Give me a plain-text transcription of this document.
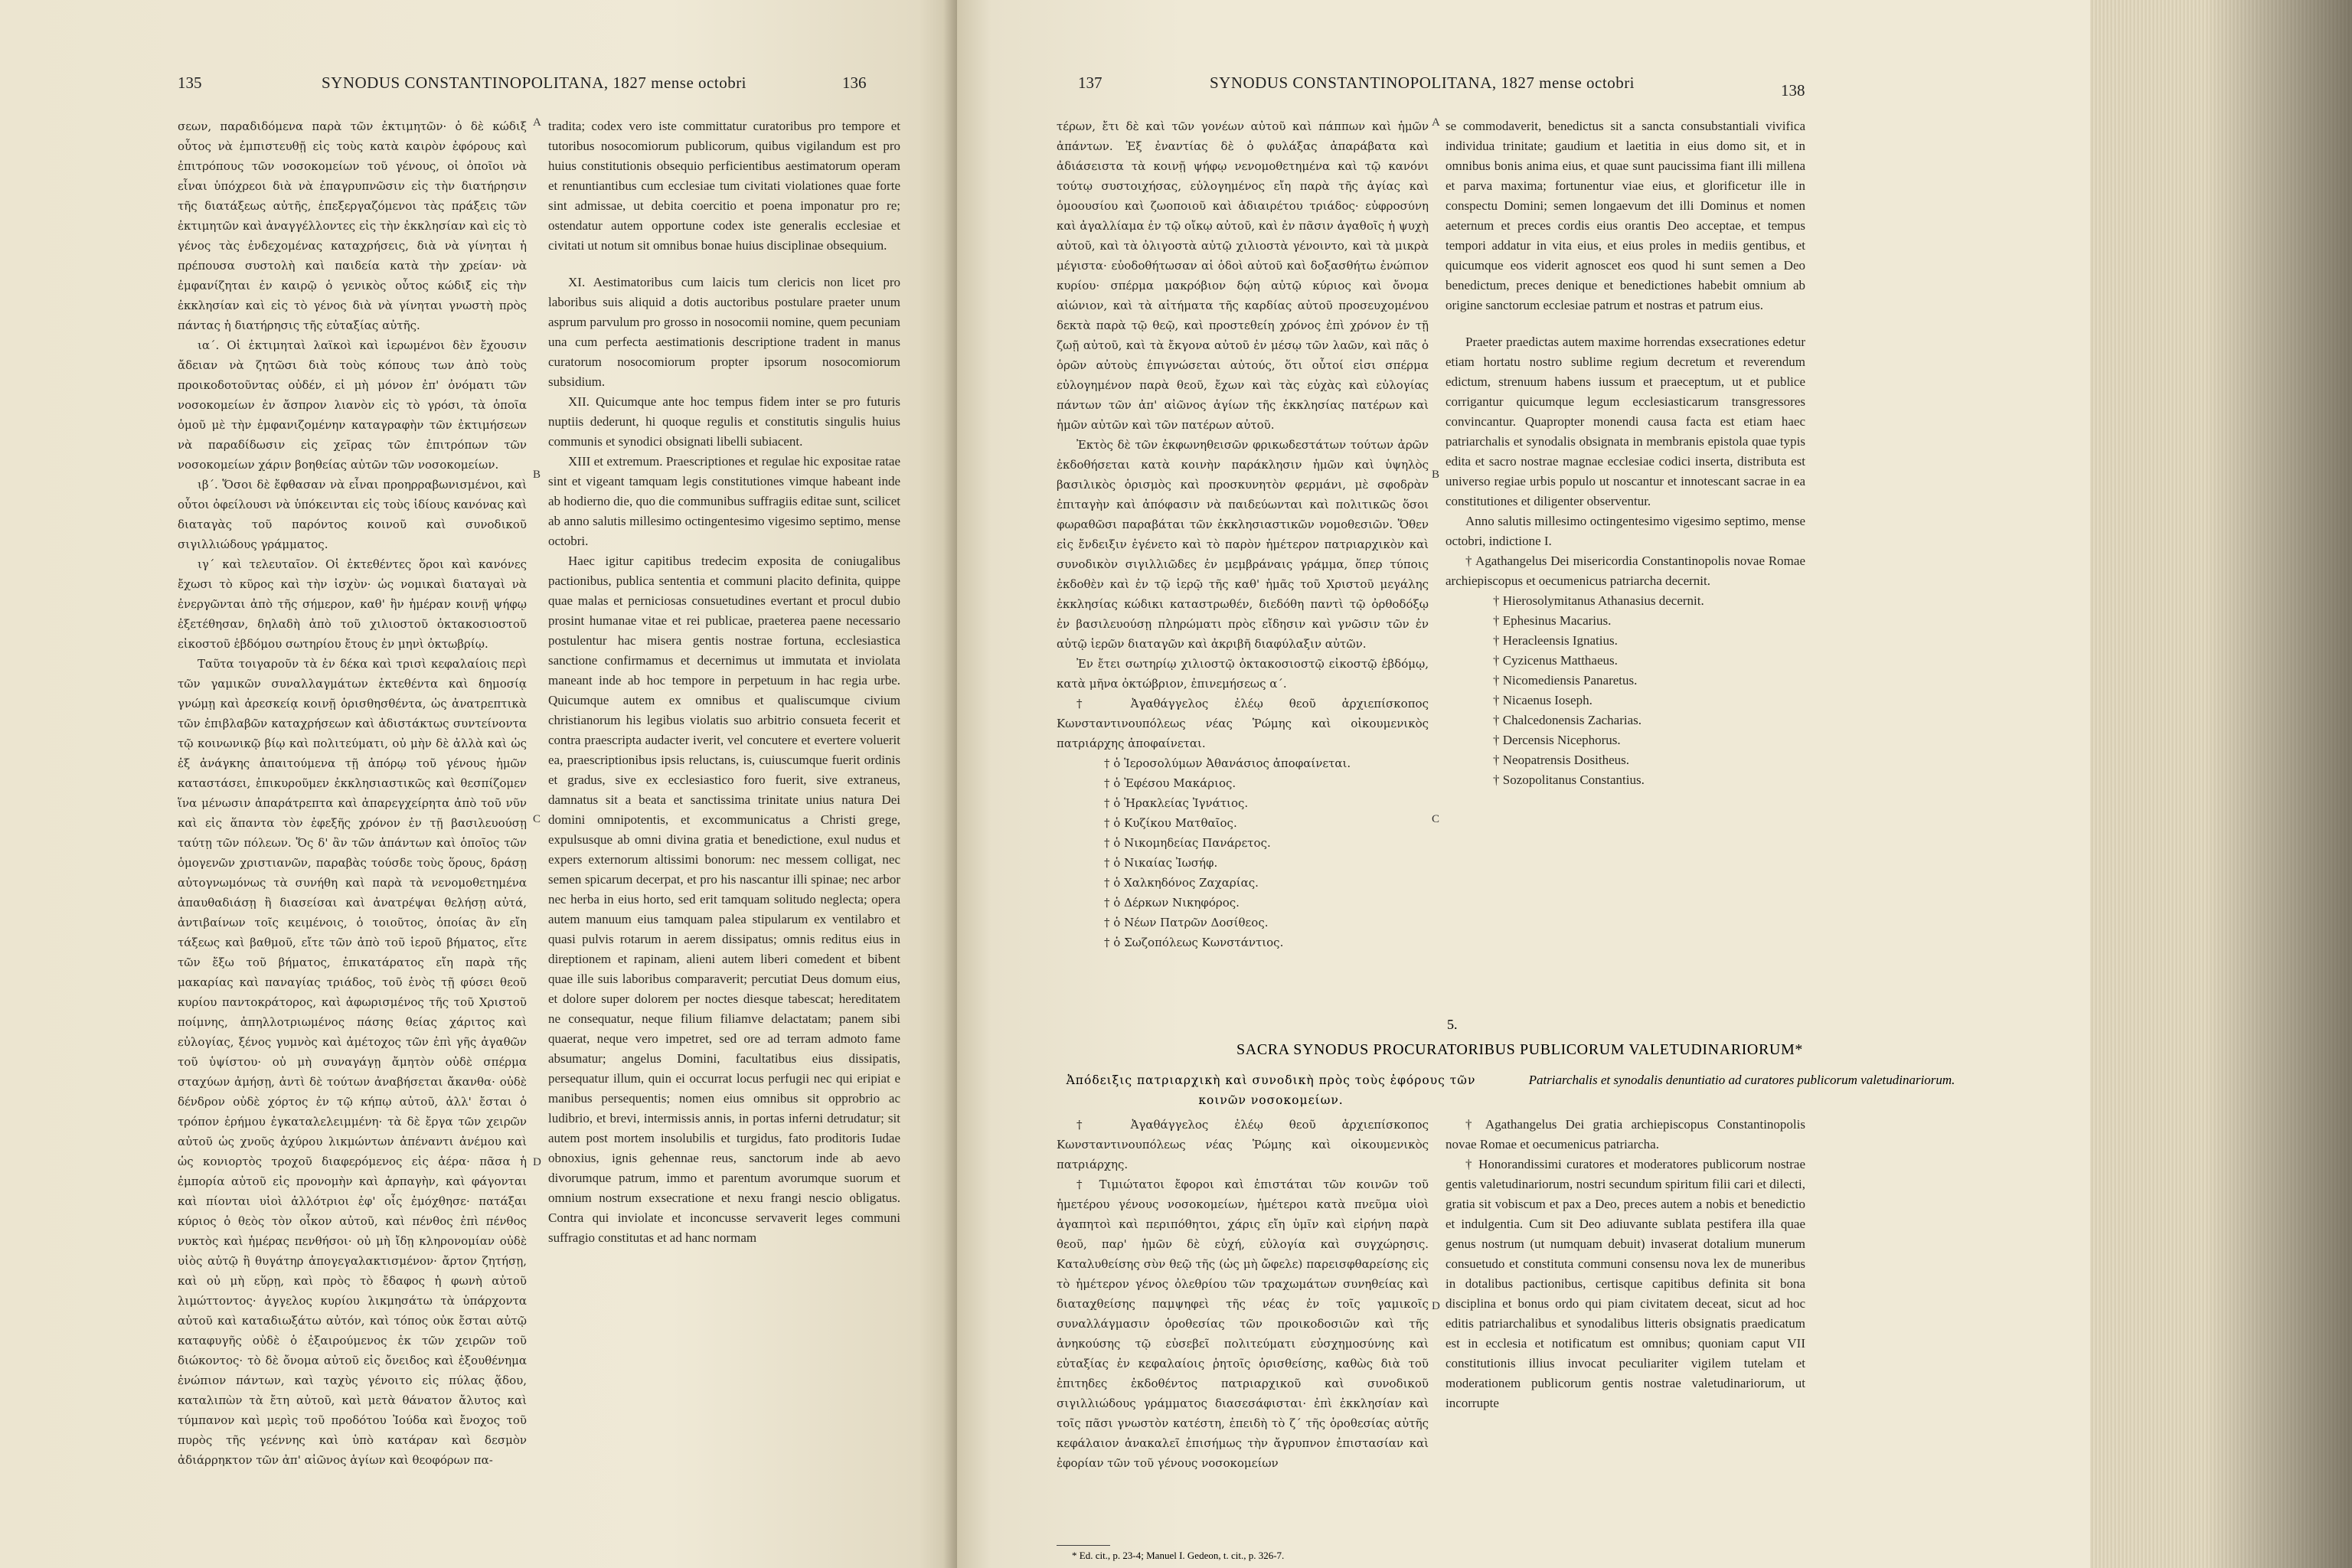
135	SYNODUS CONSTANTINOPOLITANA, 1827 mense octobri	136

σεων, παραδιδόμενα παρὰ τῶν ἐκτιμητῶν· ὁ δὲ κώδιξ οὗτος νὰ ἐμπιστευθῇ εἰς τοὺς κατὰ καιρὸν ἐφόρους καὶ ἐπιτρόπους τῶν νοσοκομείων τοῦ γένους, οἱ ὁποῖοι νὰ εἶναι ὑπόχρεοι διὰ νὰ ἐπαγρυπνῶσιν εἰς τὴν διατήρησιν τῆς διατάξεως αὐτῆς, ἐπεξεργαζόμενοι τὰς πράξεις τῶν ἐκτιμητῶν καὶ ἀναγγέλλοντες εἰς τὴν ἐκκλησίαν καὶ εἰς τὸ γένος τὰς ἐνδεχομένας καταχρήσεις, διὰ νὰ γίνηται ἡ πρέπουσα συστολὴ καὶ παιδεία κατὰ τὴν χρείαν· νὰ ἐμφανίζηται ἐν καιρῷ ὁ γενικὸς οὗτος κώδιξ εἰς τὴν ἐκκλησίαν καὶ εἰς τὸ γένος διὰ νὰ γίνηται γνωστὴ πρὸς πάντας ἡ διατήρησις τῆς εὐταξίας αὐτῆς.

ια΄. Οἱ ἐκτιμηταὶ λαϊκοὶ καὶ ἱερωμένοι δὲν ἔχουσιν ἄδειαν νὰ ζητῶσι διὰ τοὺς κόπους των ἀπὸ τοὺς προικοδοτοῦντας οὐδέν, εἰ μὴ μόνον ἐπ' ὀνόματι τῶν νοσοκομείων ἐν ἄσπρον λιανὸν εἰς τὸ γρόσι, τὰ ὁποῖα ὁμοῦ μὲ τὴν ἐμφανιζομένην καταγραφὴν τῶν ἐκτιμήσεων νὰ παραδίδωσιν εἰς χεῖρας τῶν ἐπιτρόπων τῶν νοσοκομείων χάριν βοηθείας αὐτῶν τῶν νοσοκομείων.

ιβ΄. Ὅσοι δὲ ἔφθασαν νὰ εἶναι προηρραβωνισμένοι, καὶ οὗτοι ὀφείλουσι νὰ ὑπόκεινται εἰς τοὺς ἰδίους κανόνας καὶ διαταγὰς τοῦ παρόντος κοινοῦ καὶ συνοδικοῦ σιγιλλιώδους γράμματος.

ιγ΄ καὶ τελευταῖον. Οἱ ἐκτεθέντες ὅροι καὶ κανόνες ἔχωσι τὸ κῦρος καὶ τὴν ἰσχὺν· ὡς νομικαὶ διαταγαὶ νὰ ἐνεργῶνται ἀπὸ τῆς σήμερον, καθ' ἣν ἡμέραν κοινῇ ψήφῳ ἐξετέθησαν, δηλαδὴ ἀπὸ τοῦ χιλιοστοῦ ὀκτακοσιοστοῦ εἰκοστοῦ ἑβδόμου σωτηρίου ἔτους ἐν μηνὶ ὀκτωβρίῳ.

Ταῦτα τοιγαροῦν τὰ ἐν δέκα καὶ τρισὶ κεφαλαίοις περὶ τῶν γαμικῶν συναλλαγμάτων ἐκτεθέντα καὶ δημοσίᾳ γνώμῃ καὶ ἀρεσκείᾳ κοινῇ ὁρισθησθέντα, ὡς ἀνατρεπτικὰ τῶν ἐπιβλαβῶν καταχρήσεων καὶ ἀδιστάκτως συντείνοντα τῷ κοινωνικῷ βίῳ καὶ πολιτεύματι, οὐ μὴν δὲ ἀλλὰ καὶ ὡς ἐξ ἀνάγκης ἀπαιτούμενα τῇ ἀπόρῳ τοῦ γένους ἡμῶν καταστάσει, ἐπικυροῦμεν ἐκκλησιαστικῶς καὶ θεσπίζομεν ἵνα μένωσιν ἀπαράτρεπτα καὶ ἀπαρεγχείρητα ἀπὸ τοῦ νῦν καὶ εἰς ἅπαντα τὸν ἐφεξῆς χρόνον ἐν τῇ βασιλευούσῃ ταύτῃ τῶν πόλεων. Ὅς δ' ἂν τῶν ἁπάντων καὶ ὁποῖος τῶν ὁμογενῶν χριστιανῶν, παραβὰς τούσδε τοὺς ὅρους, δράσῃ αὐτογνωμόνως τὰ συνήθη καὶ παρὰ τὰ νενομοθετημένα ἀπαυθαδιάσῃ ἢ διασείσαι καὶ ἀνατρέψαι θελήσῃ αὐτά, ἀντιβαίνων τοῖς κειμένοις, ὁ τοιοῦτος, ὁποίας ἂν εἴη τάξεως καὶ βαθμοῦ, εἴτε τῶν ἀπὸ τοῦ ἱεροῦ βήματος, εἴτε τῶν ἔξω τοῦ βήματος, ἐπικατάρατος εἴη παρὰ τῆς μακαρίας καὶ παναγίας τριάδος, τοῦ ἑνὸς τῇ φύσει θεοῦ κυρίου παντοκράτορος, καὶ ἀφωρισμένος τῆς τοῦ Χριστοῦ ποίμνης, ἀπηλλοτριωμένος πάσης θείας χάριτος καὶ εὐλογίας, ξένος γυμνὸς καὶ ἀμέτοχος τῶν ἐπὶ γῆς ἀγαθῶν τοῦ ὑψίστου· οὐ μὴ συναγάγῃ ἄμητὸν οὐδὲ σπέρμα σταχύων ἀμήσῃ, ἀντὶ δὲ τούτων ἀναβήσεται ἄκανθα· οὐδὲ δένδρον οὐδὲ χόρτος ἐν τῷ κήπῳ αὐτοῦ, ἀλλ' ἔσται ὁ τρόπον ἐρήμου ἐγκαταλελειμμένη· τὰ δὲ ἔργα τῶν χειρῶν αὐτοῦ ὡς χνοῦς ἀχύρου λικμώντων ἀπέναντι ἀνέμου καὶ ὡς κονιορτὸς τροχοῦ διαφερόμενος εἰς ἀέρα· πᾶσα ἡ ἐμπορία αὐτοῦ εἰς προνομὴν καὶ ἁρπαγὴν, καὶ φάγονται καὶ πίονται υἱοὶ ἀλλότριοι ἐφ' οἷς ἐμόχθησε· πατάξαι κύριος ὁ θεὸς τὸν οἶκον αὐτοῦ, καὶ πένθος ἐπὶ πένθος νυκτὸς καὶ ἡμέρας πενθήσοι· οὐ μὴ ἴδῃ κληρονομίαν οὐδὲ υἱὸς αὐτῷ ἢ θυγάτηρ ἀπογεγαλακτισμένον· ἄρτον ζητήσῃ, καὶ οὐ μὴ εὕρῃ, καὶ πρὸς τὸ ἔδαφος ἡ φωνὴ αὐτοῦ λιμώττοντος· ἀγγελος κυρίου λικμησάτω τὰ ὑπάρχοντα αὐτοῦ καὶ καταδιωξάτω αὐτόν, καὶ τόπος οὐκ ἔσται αὐτῷ καταφυγῆς οὐδὲ ὁ ἐξαιρούμενος ἐκ τῶν χειρῶν τοῦ διώκοντος· τὸ δὲ ὄνομα αὐτοῦ εἰς ὄνειδος καὶ ἐξουθένημα ἐνώπιον πάντων, καὶ ταχὺς γένοιτο εἰς πύλας ᾅδου, καταλιπὼν τὰ ἔτη αὐτοῦ, καὶ μετὰ θάνατον ἄλυτος καὶ τύμπανον καὶ μερὶς τοῦ προδότου Ἰούδα καὶ ἔνοχος τοῦ πυρὸς τῆς γεέννης καὶ ὑπὸ κατάραν καὶ δεσμὸν ἀδιάρρηκτον τῶν ἀπ' αἰῶνος ἁγίων καὶ θεοφόρων πα-

A
B
C
D

tradita; codex vero iste committatur curatoribus pro tempore et tutoribus nosocomiorum publicorum, quibus vigilandum est pro huius constitutionis obsequio perficientibus aestimatorum operam et renuntiantibus cum ecclesiae tum civitati violationes quae forte sint admissae, ut debita coercitio et poena imponatur pro re; ostendatur autem opportune codex iste generalis ecclesiae et civitati ut notum sit omnibus bonae huius disciplinae obsequium.

XI. Aestimatoribus cum laicis tum clericis non licet pro laboribus suis aliquid a dotis auctoribus postulare praeter unum asprum parvulum pro grosso in nosocomii nomine, quem pecuniam una cum perfecta aestimationis descriptione tradent in manus curatorum nosocomiorum propter ipsorum nosocomiorum subsidium.

XII. Quicumque ante hoc tempus fidem inter se pro futuris nuptiis dederunt, hi quoque regulis et constitutis singulis huius communis et synodici obsignati libelli subiacent.

XIII et extremum. Praescriptiones et regulae hic expositae ratae sint et vigeant tamquam legis constitutiones vimque habeant inde ab hodierno die, quo die communibus suffragiis editae sunt, scilicet ab anno salutis millesimo octingentesimo vigesimo septimo, mense octobri.

Haec igitur capitibus tredecim exposita de coniugalibus pactionibus, publica sententia et communi placito definita, quippe quae malas et perniciosas consuetudines evertant et procul dubio prosint humanae vitae et rei publicae, praeterea paene necessario postulentur hac misera gentis nostrae fortuna, ecclesiastica sanctione confirmamus et decernimus ut immutata et inviolata maneant inde ab hoc tempore in perpetuum in hac regia urbe. Quicumque autem ex omnibus et qualiscumque civium christianorum his legibus violatis suo arbitrio consueta fecerit et contra praescripta audacter iverit, vel concutere et evertere voluerit ea, praescriptionibus ipsis reluctans, is, cuiuscumque fuerit ordinis et gradus, sive ex ecclesiastico foro fuerit, sive extraneus, damnatus sit a beata et sanctissima trinitate unius natura Dei domini omnipotentis, et excommunicatus a Christi grege, expulsusque ab omni divina gratia et benedictione, exul nudus et expers externorum altissimi bonorum: nec messem colligat, nec semen spicarum decerpat, et pro his nascantur illi spinae; nec arbor nec herba in eius horto, sed erit tamquam solitudo neglecta; opera autem manuum eius tamquam palea stipularum ex ventilabro et quasi pulvis rotarum in aerem dissipatus; omnis reditus eius in direptionem et rapinam, alieni autem liberi comedent et bibent quae ille suis laboribus comparaverit; percutiat Deus domum eius, et dolore super dolorem per noctes diesque tabescat; hereditatem ne consequatur, neque filium filiamve delactatam; panem sibi quaerat, neque vero impetret, sed ore ad terram admoto fame absumatur; angelus Domini, facultatibus eius dissipatis, persequatur illum, quin ei occurrat locus perfugii nec qui eripiat e manibus persequentis; nomen eius omnibus sit opprobrio ac ludibrio, et brevi, intermissis annis, in portas inferni detrudatur; sit autem post mortem insolubilis et turgidus, fato proditoris Iudae obnoxius, ignis gehennae reus, sanctorum inde ab aevo divorumque patrum, immo et parentum avorumque suorum et omnium nostrum exsecratione et nexu frangi nescio obligatus. Contra qui inviolate et inconcusse servaverit leges communi suffragio constitutas et ad hanc normam

137	SYNODUS CONSTANTINOPOLITANA, 1827 mense octobri	138

τέρων, ἔτι δὲ καὶ τῶν γονέων αὐτοῦ καὶ πάππων καὶ ἡμῶν ἁπάντων. Ἐξ ἐναντίας δὲ ὁ φυλάξας ἀπαράβατα καὶ ἀδιάσειστα τὰ κοινῇ ψήφῳ νενομοθετημένα καὶ τῷ κανόνι τούτῳ συστοιχήσας, εὐλογημένος εἴη παρὰ τῆς ἁγίας καὶ ὁμοουσίου καὶ ζωοποιοῦ καὶ ἀδιαιρέτου τριάδος· εὐφροσύνη καὶ ἀγαλλίαμα ἐν τῷ οἴκῳ αὐτοῦ, καὶ ἐν πᾶσιν ἀγαθοῖς ἡ ψυχὴ αὐτοῦ, καὶ τὰ ὀλιγοστὰ αὐτῷ χιλιοστὰ γένοιντο, καὶ τὰ μικρὰ μέγιστα· εὐοδοθήτωσαν αἱ ὁδοὶ αὐτοῦ καὶ δοξασθήτω ἐνώπιον κυρίου· σπέρμα μακρόβιον δῴη αὐτῷ κύριος καὶ ὄνομα αἰώνιον, καὶ τὰ αἰτήματα τῆς καρδίας αὐτοῦ προσευχομένου δεκτὰ παρὰ τῷ θεῷ, καὶ προστεθείη χρόνος ἐπὶ χρόνον ἐν τῇ ζωῇ αὐτοῦ, καὶ τὰ ἔκγονα αὐτοῦ ἐν μέσῳ τῶν λαῶν, καὶ πᾶς ὁ ὁρῶν αὐτοὺς ἐπιγνώσεται αὐτούς, ὅτι οὗτοί εἰσι σπέρμα εὐλογημένον παρὰ θεοῦ, ἔχων καὶ τὰς εὐχὰς καὶ εὐλογίας πάντων τῶν ἀπ' αἰῶνος ἁγίων τῆς ἐκκλησίας πατέρων καὶ ἡμῶν αὐτῶν καὶ τῶν πατέρων αὐτοῦ.

Ἐκτὸς δὲ τῶν ἐκφωνηθεισῶν φρικωδεστάτων τούτων ἀρῶν ἐκδοθήσεται κατὰ κοινὴν παράκλησιν ἡμῶν καὶ ὑψηλὸς βασιλικὸς ὁρισμὸς καὶ προσκυνητὸν φερμάνι, μὲ σφοδρὰν ἐπιταγὴν καὶ ἀπόφασιν νὰ παιδεύωνται καὶ πολιτικῶς ὅσοι φωραθῶσι παραβάται τῶν ἐκκλησιαστικῶν νομοθεσιῶν. Ὅθεν εἰς ἔνδειξιν ἐγένετο καὶ τὸ παρὸν ἡμέτερον πατριαρχικὸν καὶ συνοδικὸν σιγιλλιῶδες ἐν μεμβράναις γράμμα, ὅπερ τύποις ἐκδοθὲν καὶ ἐν τῷ ἱερῷ τῆς καθ' ἡμᾶς τοῦ Χριστοῦ μεγάλης ἐκκλησίας κώδικι καταστρωθέν, διεδόθη παντὶ τῷ ὀρθοδόξῳ ἐν βασιλευούσῃ πληρώματι πρὸς εἴδησιν καὶ γνῶσιν τῶν ἐν αὐτῷ ἱερῶν διαταγῶν καὶ ἀκριβῆ διαφύλαξιν αὐτῶν.

Ἐν ἔτει σωτηρίῳ χιλιοστῷ ὀκτακοσιοστῷ εἰκοστῷ ἑβδόμῳ, κατὰ μῆνα ὀκτώβριον, ἐπινεμήσεως α΄.

† Ἀγαθάγγελος ἐλέῳ θεοῦ ἀρχιεπίσκοπος Κωνσταντινουπόλεως νέας Ῥώμης καὶ οἰκουμενικὸς πατριάρχης ἀποφαίνεται.

† ὁ Ἱεροσολύμων Ἀθανάσιος ἀποφαίνεται.

† ὁ Ἐφέσου Μακάριος.

† ὁ Ἡρακλείας Ἰγνάτιος.

† ὁ Κυζίκου Ματθαῖος.

† ὁ Νικομηδείας Πανάρετος.

† ὁ Νικαίας Ἰωσήφ.

† ὁ Χαλκηδόνος Ζαχαρίας.

† ὁ Δέρκων Νικηφόρος.

† ὁ Νέων Πατρῶν Δοσίθεος.

† ὁ Σωζοπόλεως Κωνστάντιος.

A
B
C
D

se commodaverit, benedictus sit a sancta consubstantiali vivifica individua trinitate; gaudium et laetitia in eius domo sit, et in omnibus bonis anima eius, et quae sunt paucissima fiant illi millena et parva maxima; fortunentur viae eius, et glorificetur ille in conspectu Domini; semen longaevum det illi Dominus et nomen aeternum et preces cordis eius orantis Deo acceptae, et tempus tempori addatur in vita eius, et eius proles in mediis gentibus, et quicumque eos viderit agnoscet eos quod hi sunt semen a Deo benedictum, preces denique et benedictiones habebit omnium ab origine sanctorum ecclesiae patrum et nostras et patrum eius.

Praeter praedictas autem maxime horrendas exsecrationes edetur etiam hortatu nostro sublime regium decretum et reverendum edictum, strenuum habens iussum et praeceptum, ut et publice corrigantur quicumque legum ecclesiasticarum transgressores convincantur. Quapropter monendi causa facta est etiam haec patriarchalis et synodalis obsignata in membranis epistola quae typis edita et sacro nostrae magnae ecclesiae codici inserta, distributa est universo regiae urbis populo ut noscantur et innotescant sacrae in ea constitutiones et diligenter observentur.

Anno salutis millesimo octingentesimo vigesimo septimo, mense octobri, indictione I.

† Agathangelus Dei misericordia Constantinopolis novae Romae archiepiscopus et oecumenicus patriarcha decernit.

† Hierosolymitanus Athanasius decernit.

† Ephesinus Macarius.

† Heracleensis Ignatius.

† Cyzicenus Matthaeus.

† Nicomediensis Panaretus.

† Nicaenus Ioseph.

† Chalcedonensis Zacharias.

† Dercensis Nicephorus.

† Neopatrensis Dositheus.

† Sozopolitanus Constantius.

5.
SACRA SYNODUS PROCURATORIBUS PUBLICORUM VALETUDINARIORUM*
Ἀπόδειξις πατριαρχικὴ καὶ συνοδικὴ πρὸς τοὺς ἐφόρους τῶν κοινῶν νοσοκομείων.
Patriarchalis et synodalis denuntiatio ad curatores publicorum valetudinariorum.

† Ἀγαθάγγελος ἐλέῳ θεοῦ ἀρχιεπίσκοπος Κωνσταντινουπόλεως νέας Ῥώμης καὶ οἰκουμενικὸς πατριάρχης.

† Τιμιώτατοι ἔφοροι καὶ ἐπιστάται τῶν κοινῶν τοῦ ἡμετέρου γένους νοσοκομείων, ἡμέτεροι κατὰ πνεῦμα υἱοὶ ἀγαπητοὶ καὶ περιπόθητοι, χάρις εἴη ὑμῖν καὶ εἰρήνη παρὰ θεοῦ, παρ' ἡμῶν δὲ εὐχή, εὐλογία καὶ συγχώρησις. Καταλυθείσης σὺν θεῷ τῆς (ὡς μὴ ὤφελε) παρεισφθαρείσης εἰς τὸ ἡμέτερον γένος ὀλεθρίου τῶν τραχωμάτων συνηθείας καὶ διαταχθείσης παμψηφεὶ τῆς νέας ἐν τοῖς γαμικοῖς συναλλάγμασιν ὁροθεσίας τῶν προικοδοσιῶν καὶ τῆς ἀνηκούσης τῷ εὐσεβεῖ πολιτεύματι εὐσχημοσύνης καὶ εὐταξίας ἐν κεφαλαίοις ῥητοῖς ὁρισθείσης, καθὼς διὰ τοῦ ἐπιτηδες ἐκδοθέντος πατριαρχικοῦ καὶ συνοδικοῦ σιγιλλιώδους γράμματος διασεσάφισται· ἐπὶ ἐκκλησίαν καὶ τοῖς πᾶσι γνωστὸν κατέστη, ἐπειδὴ τὸ ζ΄ τῆς ὁροθεσίας αὐτῆς κεφάλαιον ἀνακαλεῖ ἐπισήμως τὴν ἄγρυπνον ἐπιστασίαν καὶ ἐφορίαν τῶν τοῦ γένους νοσοκομείων

† Agathangelus Dei gratia archiepiscopus Constantinopolis novae Romae et oecumenicus patriarcha.

† Honorandissimi curatores et moderatores publicorum nostrae gentis valetudinariorum, nostri secundum spiritum filii cari et dilecti, gratia sit vobiscum et pax a Deo, preces autem a nobis et benedictio et indulgentia. Cum sit Deo adiuvante sublata pestifera illa quae genus nostrum (ut numquam debuit) invaserat dotalium munerum consuetudo et constituta communi consensu nova lex de muneribus in dotalibus pactionibus, certisque capitibus definita sit bona disciplina et bonus ordo qui piam civitatem deceat, sicut ad hoc editis patriarchalibus et synodalibus litteris obsignatis praedicatum est in ecclesia et notificatum est omnibus; quoniam caput VII constitutionis illius invocat peculiariter vigilem tutelam et moderationem publicorum gentis nostrae valetudinariorum, ut incorrupte

* Ed. cit., p. 23-4; Manuel I. Gedeon, t. cit., p. 326-7.
